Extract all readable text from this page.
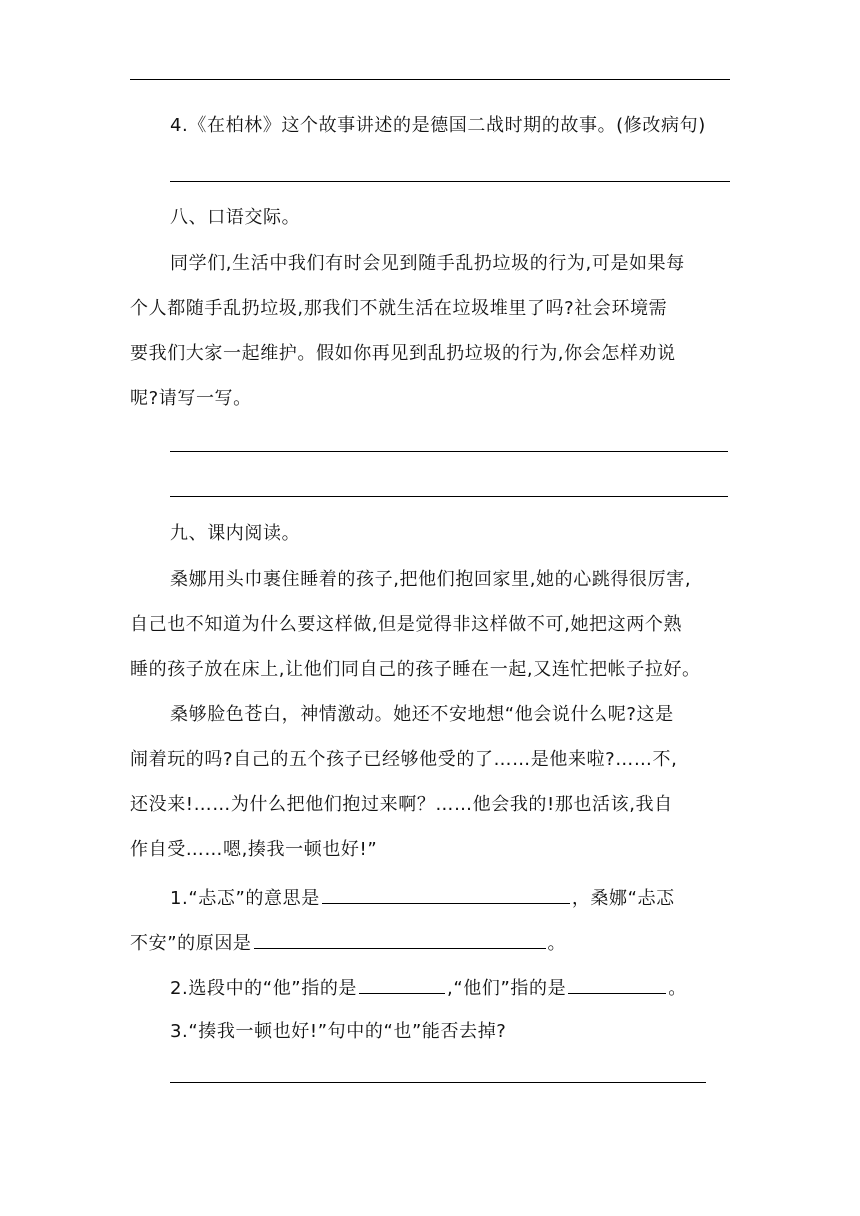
4.《在柏林》这个故事讲述的是德国二战时期的故事。(修改病句)
八、口语交际。
同学们,生活中我们有时会见到随手乱扔垃圾的行为,可是如果每
个人都随手乱扔垃圾,那我们不就生活在垃圾堆里了吗?社会环境需
要我们大家一起维护。假如你再见到乱扔垃圾的行为,你会怎样劝说
呢?请写一写。
九、课内阅读。
桑娜用头巾裹住睡着的孩子,把他们抱回家里,她的心跳得很厉害,
自己也不知道为什么要这样做,但是觉得非这样做不可,她把这两个熟
睡的孩子放在床上,让他们同自己的孩子睡在一起,又连忙把帐子拉好。
桑够脸色苍白，神情激动。她还不安地想“他会说什么呢?这是
闹着玩的吗?自己的五个孩子已经够他受的了……是他来啦?……不,
还没来!……为什么把他们抱过来啊？……他会我的!那也活该,我自
作自受……嗯,揍我一顿也好!”
1.“忐忑”的意思是	，桑娜“忐忑
不安”的原因是	。
2.选段中的“他”指的是	,“他们”指的是	。
3.“揍我一顿也好!”句中的“也”能否去掉?
